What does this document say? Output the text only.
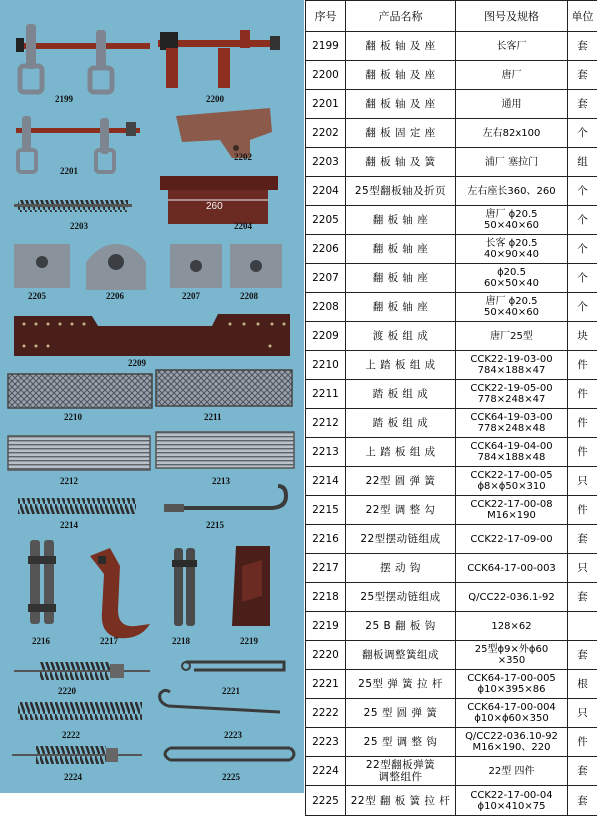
260
2199	2200
2201
2202
2203	2204
2205	2206	2207	2208
2209
2210	2211
2212	2213
2214	2215
2216	2217	2218	2219
2220	2221
2222	2223
2224	2225
序号	产品名称	图号及规格	单位
2199	翻 板 轴 及 座	长客厂	套
2200	翻 板 轴 及 座	唐厂	套
2201	翻 板 轴 及 座	通用	套
2202	翻 板 固 定 座	左右82x100	个
2203	翻 板 轴 及 簧	浦厂 塞拉门	组
2204	25型翻板轴及折页	左右座长360、260	个
2205	翻 板 轴 座	唐厂 ϕ20.5
50×40×60	个
2206	翻 板 轴 座	长客 ϕ20.5
40×90×40	个
2207	翻 板 轴 座	ϕ20.5
60×50×40	个
2208	翻 板 轴 座	唐厂 ϕ20.5
50×40×60	个
2209	渡 板 组 成	唐厂25型	块
2210	上 踏 板 组 成	CCK22-19-03-00
784×188×47	件
2211	踏 板 组 成	CCK22-19-05-00
778×248×47	件
2212	踏 板 组 成	CCK64-19-03-00
778×248×48	件
2213	上 踏 板 组 成	CCK64-19-04-00
784×188×48	件
2214	22型 圆 弹 簧	CCK22-17-00-05
ϕ8×ϕ50×310	只
2215	22型 调 整 勾	CCK22-17-00-08
M16×190	件
2216	22型摆动链组成	CCK22-17-09-00	套
2217	摆 动 钩	CCK64-17-00-003	只
2218	25型摆动链组成	Q/CC22-036.1-92	套
2219	25 B 翻 板 钩	128×62	

2220	翻板调整簧组成	25型ϕ9×外ϕ60
×350	套
2221	25型 弹 簧 拉 杆	CCK64-17-00-005
ϕ10×395×86	根
2222	25 型 圆 弹 簧	CCK64-17-00-004
ϕ10×ϕ60×350	只
2223	25 型 调 整 钩	Q/CC22-036.10-92
M16×190、220	件
2224	22型翻板弹簧
调整组件	22型 四件	套
2225	22型 翻 板 簧 拉 杆	CCK22-17-00-04
ϕ10×410×75	套
